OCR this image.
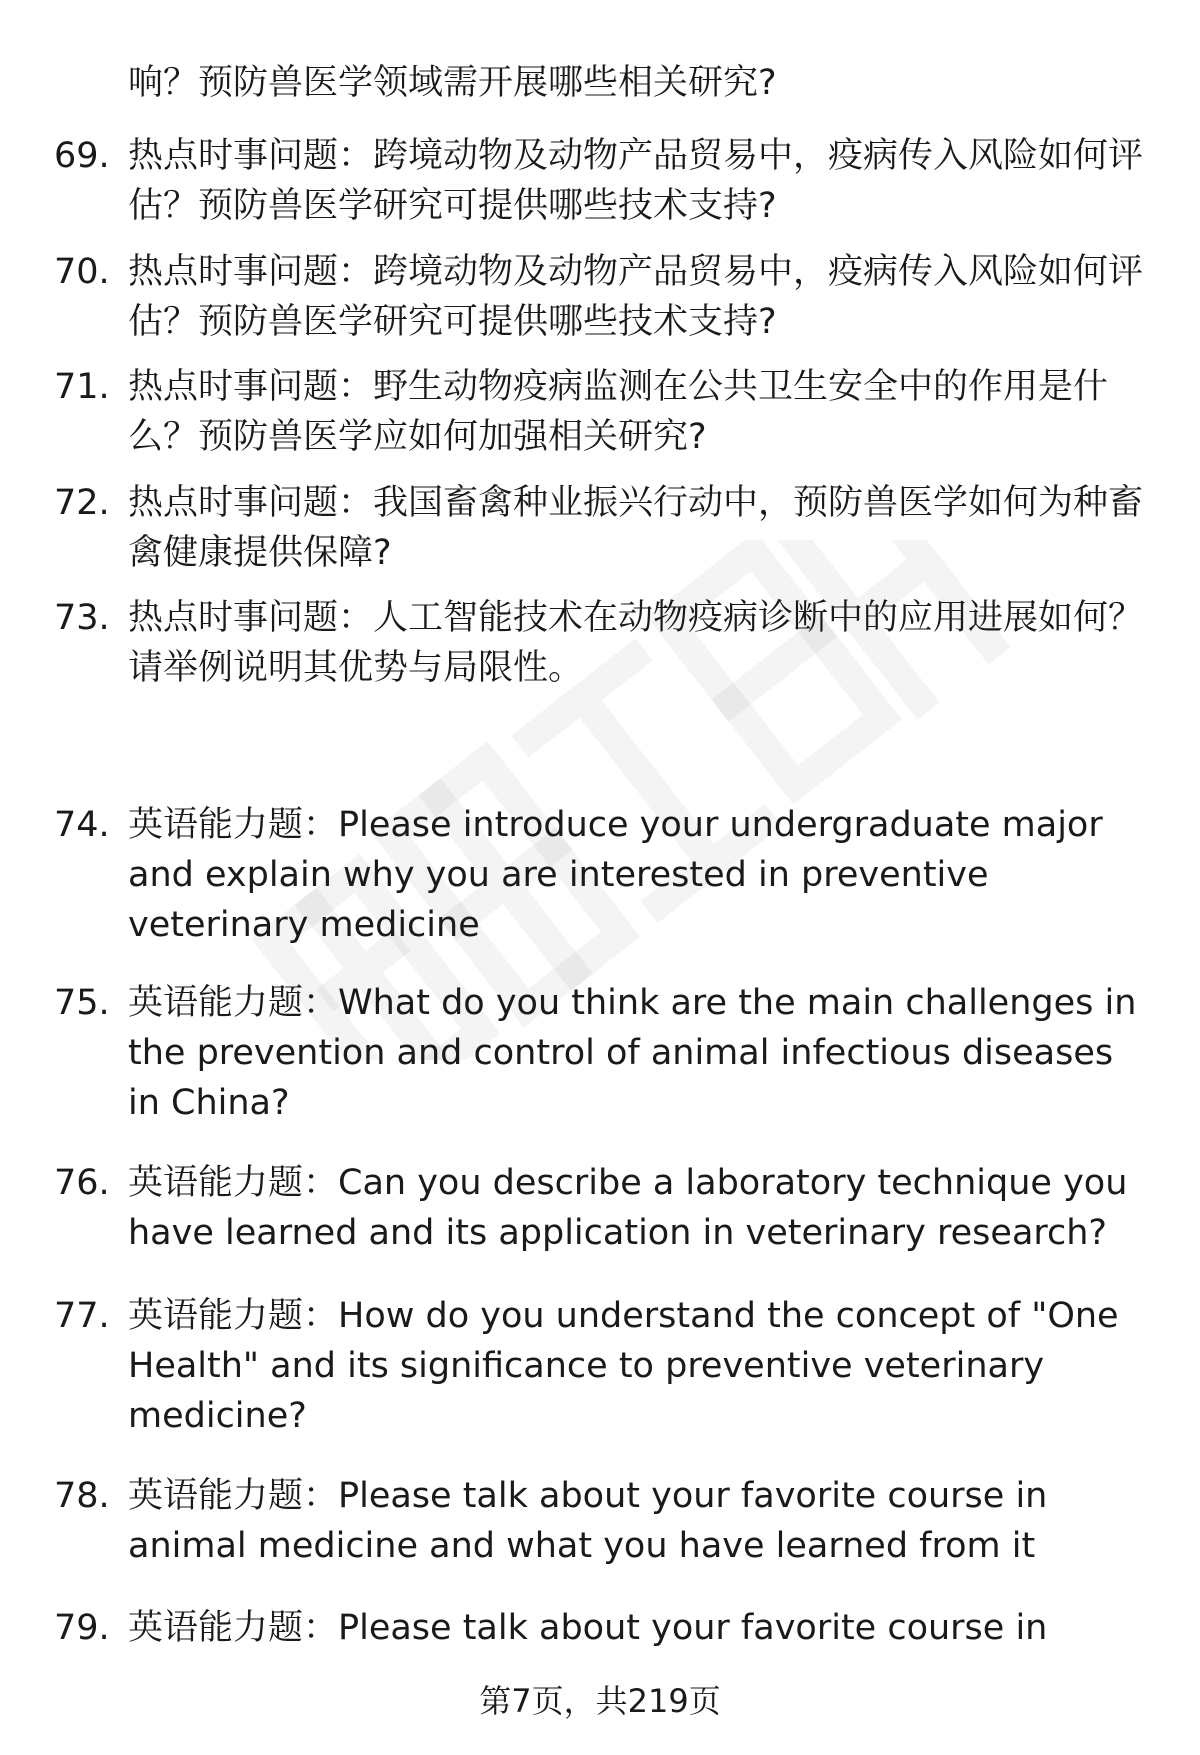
响？预防兽医学领域需开展哪些相关研究?

69. 热点时事问题：跨境动物及动物产品贸易中，疫病传入风险如何评估？预防兽医学研究可提供哪些技术支持?

70. 热点时事问题：跨境动物及动物产品贸易中，疫病传入风险如何评估？预防兽医学研究可提供哪些技术支持?

71. 热点时事问题：野生动物疫病监测在公共卫生安全中的作用是什么？预防兽医学应如何加强相关研究?

72. 热点时事问题：我国畜禽种业振兴行动中，预防兽医学如何为种畜禽健康提供保障?

73. 热点时事问题：人工智能技术在动物疫病诊断中的应用进展如何？请举例说明其优势与局限性。

74. 英语能力题：Please introduce your undergraduate major and explain why you are interested in preventive veterinary medicine

75. 英语能力题：What do you think are the main challenges in the prevention and control of animal infectious diseases in China?

76. 英语能力题：Can you describe a laboratory technique you have learned and its application in veterinary research?

77. 英语能力题：How do you understand the concept of "One Health" and its significance to preventive veterinary medicine?

78. 英语能力题：Please talk about your favorite course in animal medicine and what you have learned from it

79. 英语能力题：Please talk about your favorite course in

第7页，共219页
